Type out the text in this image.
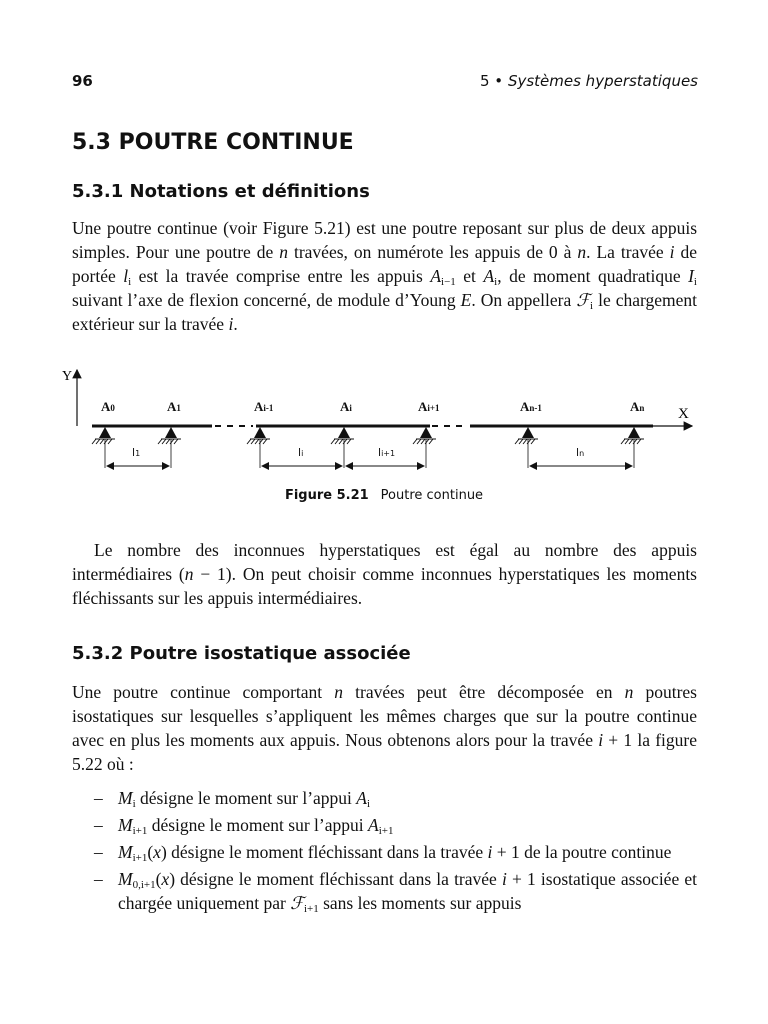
96	5 • Systèmes hyperstatiques
5.3 POUTRE CONTINUE
5.3.1 Notations et définitions

Une poutre continue (voir Figure 5.21) est une poutre reposant sur plus de deux appuis simples. Pour une poutre de n travées, on numérote les appuis de 0 à n. La travée i de portée $l_i$ est la travée comprise entre les appuis $A_{i-1}$ et $A_i$, de moment quadratique $I_i$ suivant l’axe de flexion concerné, de module d’Young E. On appellera ℱ$_i$ le chargement extérieur sur la travée i.

Y
X
A0	A1	Ai-1	Ai	Ai+1	An-1	An
l1	li	li+1	ln
Figure 5.21 Poutre continue

Le nombre des inconnues hyperstatiques est égal au nombre des appuis intermédiaires (n − 1). On peut choisir comme inconnues hyperstatiques les moments fléchissants sur les appuis intermédiaires.

5.3.2 Poutre isostatique associée

Une poutre continue comportant n travées peut être décomposée en n poutres isostatiques sur lesquelles s’appliquent les mêmes charges que sur la poutre continue avec en plus les moments aux appuis. Nous obtenons alors pour la travée i + 1 la figure 5.22 où :

– $M_i$ désigne le moment sur l’appui $A_i$
– $M_{i+1}$ désigne le moment sur l’appui $A_{i+1}$
– $M_{i+1}(x)$ désigne le moment fléchissant dans la travée i + 1 de la poutre continue
– $M_{0,i+1}(x)$ désigne le moment fléchissant dans la travée i + 1 isostatique associée et chargée uniquement par ℱ$_{i+1}$ sans les moments sur appuis
